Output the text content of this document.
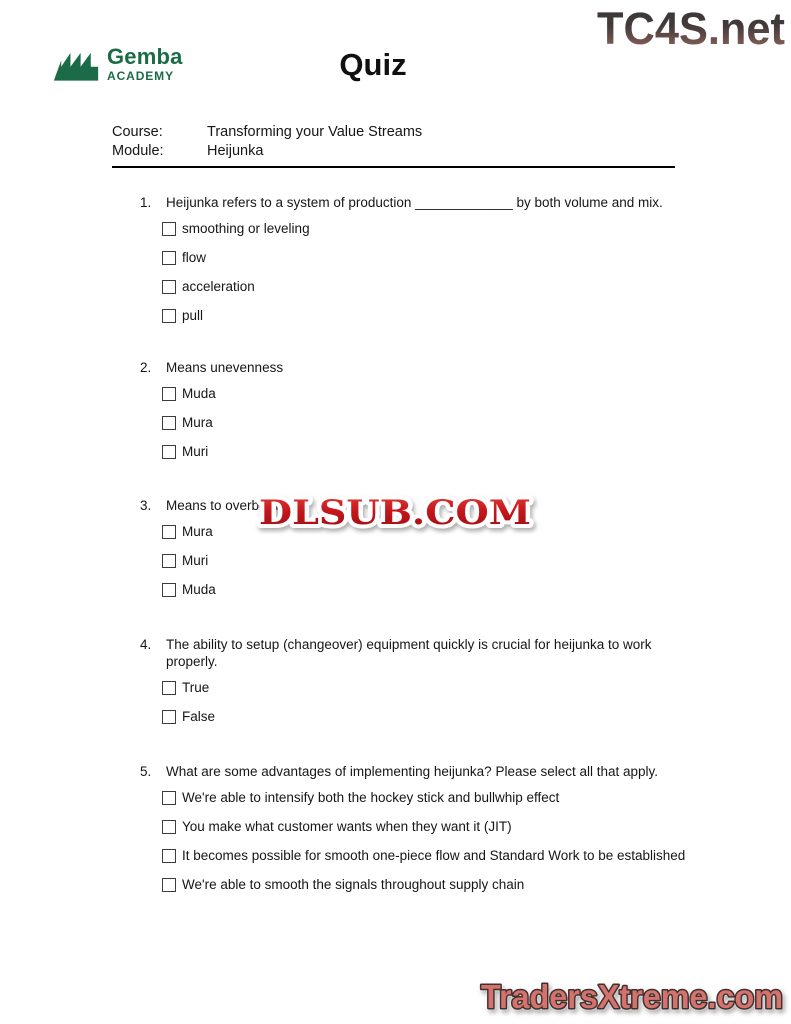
Gemba
ACADEMY	Quiz
TC4S.net
Course:	Transforming your Value Streams
Module:	Heijunka
1.	Heijunka refers to a system of production _____________ by both volume and mix.
smoothing or leveling
flow
acceleration
pull
2.	Means unevenness
Muda
Mura
Muri
3.	Means to overburden
Mura
Muri
Muda
4.	The ability to setup (changeover) equipment quickly is crucial for heijunka to work properly.
True
False
5.	What are some advantages of implementing heijunka? Please select all that apply.
We're able to intensify both the hockey stick and bullwhip effect
You make what customer wants when they want it (JIT)
It becomes possible for smooth one-piece flow and Standard Work to be established
We're able to smooth the signals throughout supply chain
DLSUB.COM
TradersXtreme.com
